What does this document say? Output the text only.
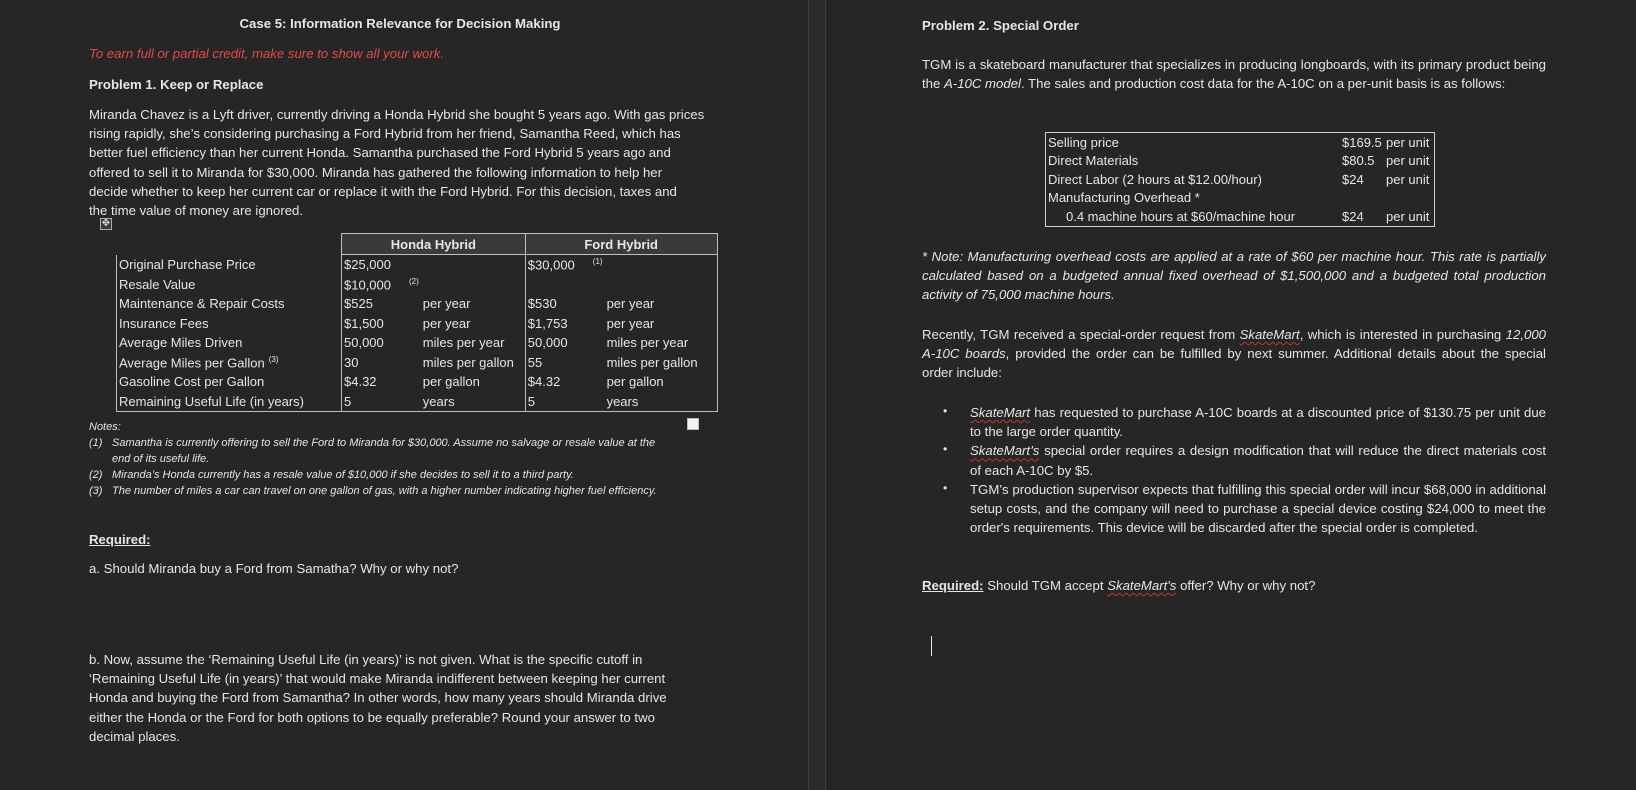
Case 5: Information Relevance for Decision Making
To earn full or partial credit, make sure to show all your work.
Problem 1. Keep or Replace
Miranda Chavez is a Lyft driver, currently driving a Honda Hybrid she bought 5 years ago. With gas prices
rising rapidly, she’s considering purchasing a Ford Hybrid from her friend, Samantha Reed, which has
better fuel efficiency than her current Honda. Samantha purchased the Ford Hybrid 5 years ago and
offered to sell it to Miranda for $30,000. Miranda has gathered the following information to help her
decide whether to keep her current car or replace it with the Ford Hybrid. For this decision, taxes and
the time value of money are ignored.
✥
	Honda Hybrid		Ford Hybrid	
Original Purchase Price	$25,000		$30,000 $^{(1)}$	
Resale Value	$10,000 $^{(2)}$			
Maintenance & Repair Costs	$525	per year	$530	per year
Insurance Fees	$1,500	per year	$1,753	per year
Average Miles Driven	50,000	miles per year	50,000	miles per year
Average Miles per Gallon $^{(3)}$	30	miles per gallon	55	miles per gallon
Gasoline Cost per Gallon	$4.32	per gallon	$4.32	per gallon
Remaining Useful Life (in years)	5	years	5	years
Notes:
(1) Samantha is currently offering to sell the Ford to Miranda for $30,000. Assume no salvage or resale value at the
end of its useful life.
(2) Miranda’s Honda currently has a resale value of $10,000 if she decides to sell it to a third party.
(3) The number of miles a car can travel on one gallon of gas, with a higher number indicating higher fuel efficiency.
Required:
a. Should Miranda buy a Ford from Samatha? Why or why not?
b. Now, assume the ‘Remaining Useful Life (in years)’ is not given. What is the specific cutoff in
‘Remaining Useful Life (in years)’ that would make Miranda indifferent between keeping her current
Honda and buying the Ford from Samantha? In other words, how many years should Miranda drive
either the Honda or the Ford for both options to be equally preferable? Round your answer to two
decimal places.
Problem 2. Special Order
TGM is a skateboard manufacturer that specializes in producing longboards, with its primary product being the A-10C model. The sales and production cost data for the A-10C on a per-unit basis is as follows:
Selling price	$169.5	per unit
Direct Materials	$80.5	per unit
Direct Labor (2 hours at $12.00/hour)	$24	per unit
Manufacturing Overhead *		
0.4 machine hours at $60/machine hour	$24	per unit
* Note: Manufacturing overhead costs are applied at a rate of $60 per machine hour. This rate is partially calculated based on a budgeted annual fixed overhead of $1,500,000 and a budgeted total production activity of 75,000 machine hours.
Recently, TGM received a special-order request from SkateMart, which is interested in purchasing 12,000 A-10C boards, provided the order can be fulfilled by next summer. Additional details about the special order include:
• SkateMart has requested to purchase A-10C boards at a discounted price of $130.75 per unit due to the large order quantity.
• SkateMart’s special order requires a design modification that will reduce the direct materials cost of each A-10C by $5.
• TGM’s production supervisor expects that fulfilling this special order will incur $68,000 in additional setup costs, and the company will need to purchase a special device costing $24,000 to meet the order's requirements. This device will be discarded after the special order is completed.
Required: Should TGM accept SkateMart's offer? Why or why not?
